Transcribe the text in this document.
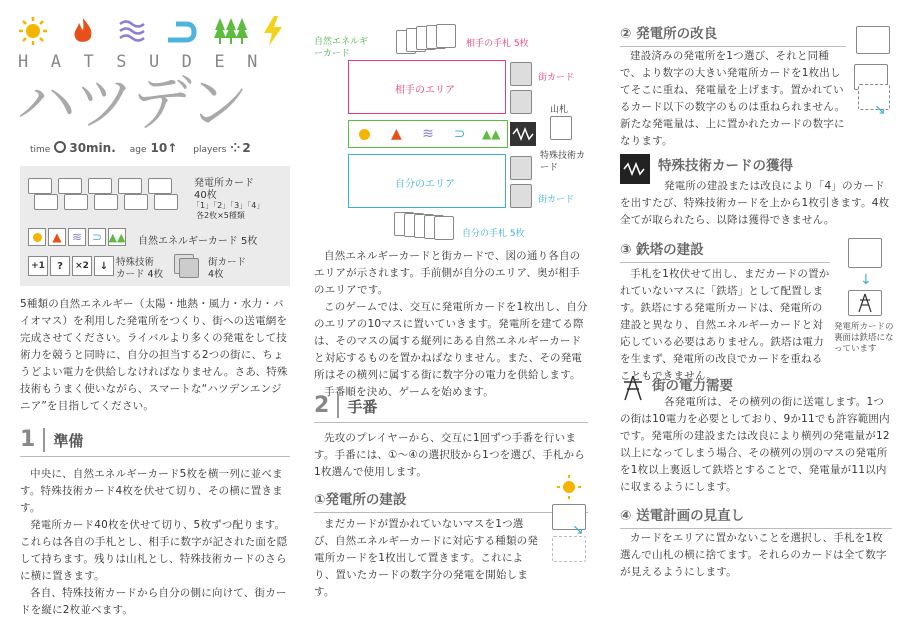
HATSUDEN
ハツデン
time 30min. age 10 ↑ players ⁘ 2
発電所カード
40枚
「1」「2」「3」「4」
各2枚×5種類
▲ ≋ ⊃ ▲▲ 自然エネルギーカード 5枚
+1	?	×2	↓ 特殊技術
カード 4枚
街カード
4枚
5種類の自然エネルギー（太陽・地熱・風力・水力・バイオマス）を利用した発電所をつくり、街への送電網を完成させてください。ライバルより多くの発電をして技術力を競うと同時に、自分の担当する2つの街に、ちょうどよい電力を供給しなければなりません。さあ、特殊技術もうまく使いながら、スマートな“ハツデンエンジニア”を目指してください。
1	準備

中央に、自然エネルギーカード5枚を横一列に並べます。特殊技術カード4枚を伏せて切り、その横に置きます。

発電所カード40枚を伏せて切り、5枚ずつ配ります。これらは各自の手札とし、相手に数字が記された面を隠して持ちます。残りは山札とし、特殊技術カードのさらに横に置きます。

各自、特殊技術カードから自分の側に向けて、街カードを縦に2枚並べます。

自然エネルギーカード
相手の手札 5枚
相手のエリア
街カード
山札
▲	≋	⊃	▲▲
特殊技術カード
自分のエリア
街カード
自分の手札 5枚

自然エネルギーカードと街カードで、図の通り各自のエリアが示されます。手前側が自分のエリア、奥が相手のエリアです。

このゲームでは、交互に発電所カードを1枚出し、自分のエリアの10マスに置いていきます。発電所を建てる際は、そのマスの属する縦列にある自然エネルギーカードと対応するものを置かねばなりません。また、その発電所はその横列に属する街に数字分の電力を供給します。

手番順を決め、ゲームを始めます。

2	手番
先攻のプレイヤーから、交互に1回ずつ手番を行います。手番には、①〜④の選択肢から1つを選び、手札から1枚選んで使用します。
①発電所の建設
まだカードが置かれていないマスを1つ選び、自然エネルギーカードに対応する種類の発電所カードを1枚出して置きます。これにより、置いたカードの数字分の発電を開始します。
↘
② 発電所の改良
建設済みの発電所を1つ選び、それと同種で、より数字の大きい発電所カードを1枚出してそこに重ね、発電量を上げます。置かれているカード以下の数字のものは重ねられません。新たな発電量は、上に置かれたカードの数字になります。
↘
特殊技術カードの獲得
発電所の建設または改良により「4」のカードを出すたび、特殊技術カードを上から1枚引きます。4枚全てが取られたら、以降は獲得できません。
③ 鉄塔の建設
手札を1枚伏せて出し、まだカードの置かれていないマスに「鉄塔」として配置します。鉄塔にする発電所カードは、発電所の建設と異なり、自然エネルギーカードと対応している必要はありません。鉄塔は電力を生まず、発電所の改良でカードを重ねることもできません。
↓
発電所カードの裏面は鉄塔になっています
街の電力需要
各発電所は、その横列の街に送電します。1つの街は10電力を必要としており、9か11でも許容範囲内です。発電所の建設または改良により横列の発電量が12以上になってしまう場合、その横列の別のマスの発電所を1枚以上裏返して鉄塔とすることで、発電量が11以内に収まるようにします。
④ 送電計画の見直し
カードをエリアに置かないことを選択し、手札を1枚選んで山札の横に捨てます。それらのカードは全て数字が見えるようにします。
